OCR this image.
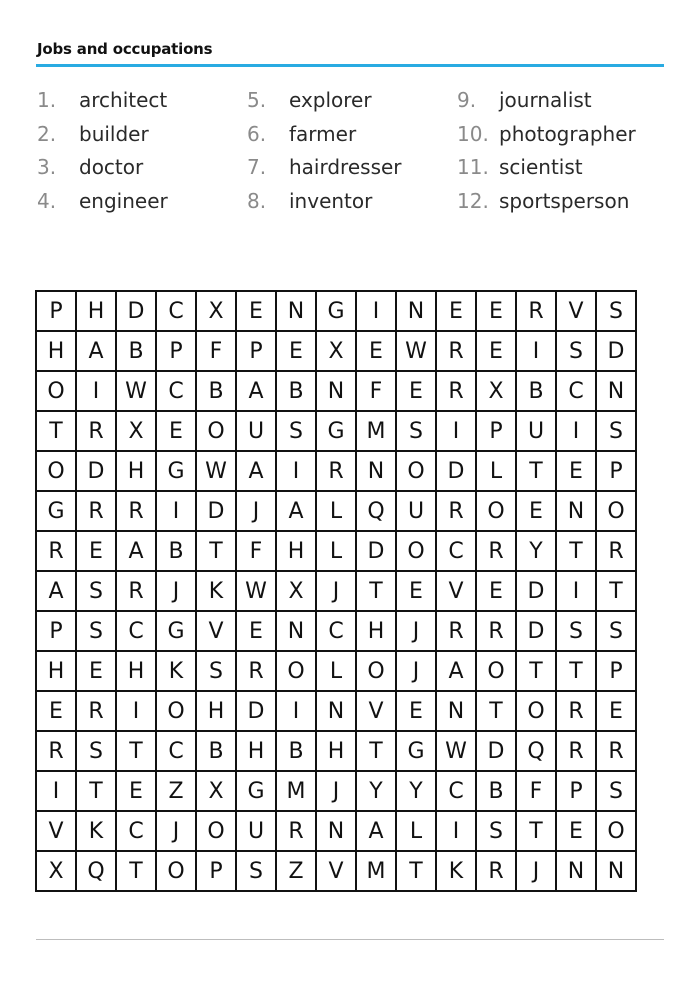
Jobs and occupations
1. architect
2. builder
3. doctor
4. engineer
5. explorer
6. farmer
7. hairdresser
8. inventor
9. journalist
10. photographer
11. scientist
12. sportsperson
P	H	D	C	X	E	N	G	I	N	E	E	R	V	S
H	A	B	P	F	P	E	X	E	W	R	E	I	S	D
O	I	W	C	B	A	B	N	F	E	R	X	B	C	N
T	R	X	E	O	U	S	G	M	S	I	P	U	I	S
O	D	H	G	W	A	I	R	N	O	D	L	T	E	P
G	R	R	I	D	J	A	L	Q	U	R	O	E	N	O
R	E	A	B	T	F	H	L	D	O	C	R	Y	T	R
A	S	R	J	K	W	X	J	T	E	V	E	D	I	T
P	S	C	G	V	E	N	C	H	J	R	R	D	S	S
H	E	H	K	S	R	O	L	O	J	A	O	T	T	P
E	R	I	O	H	D	I	N	V	E	N	T	O	R	E
R	S	T	C	B	H	B	H	T	G	W	D	Q	R	R
I	T	E	Z	X	G	M	J	Y	Y	C	B	F	P	S
V	K	C	J	O	U	R	N	A	L	I	S	T	E	O
X	Q	T	O	P	S	Z	V	M	T	K	R	J	N	N
